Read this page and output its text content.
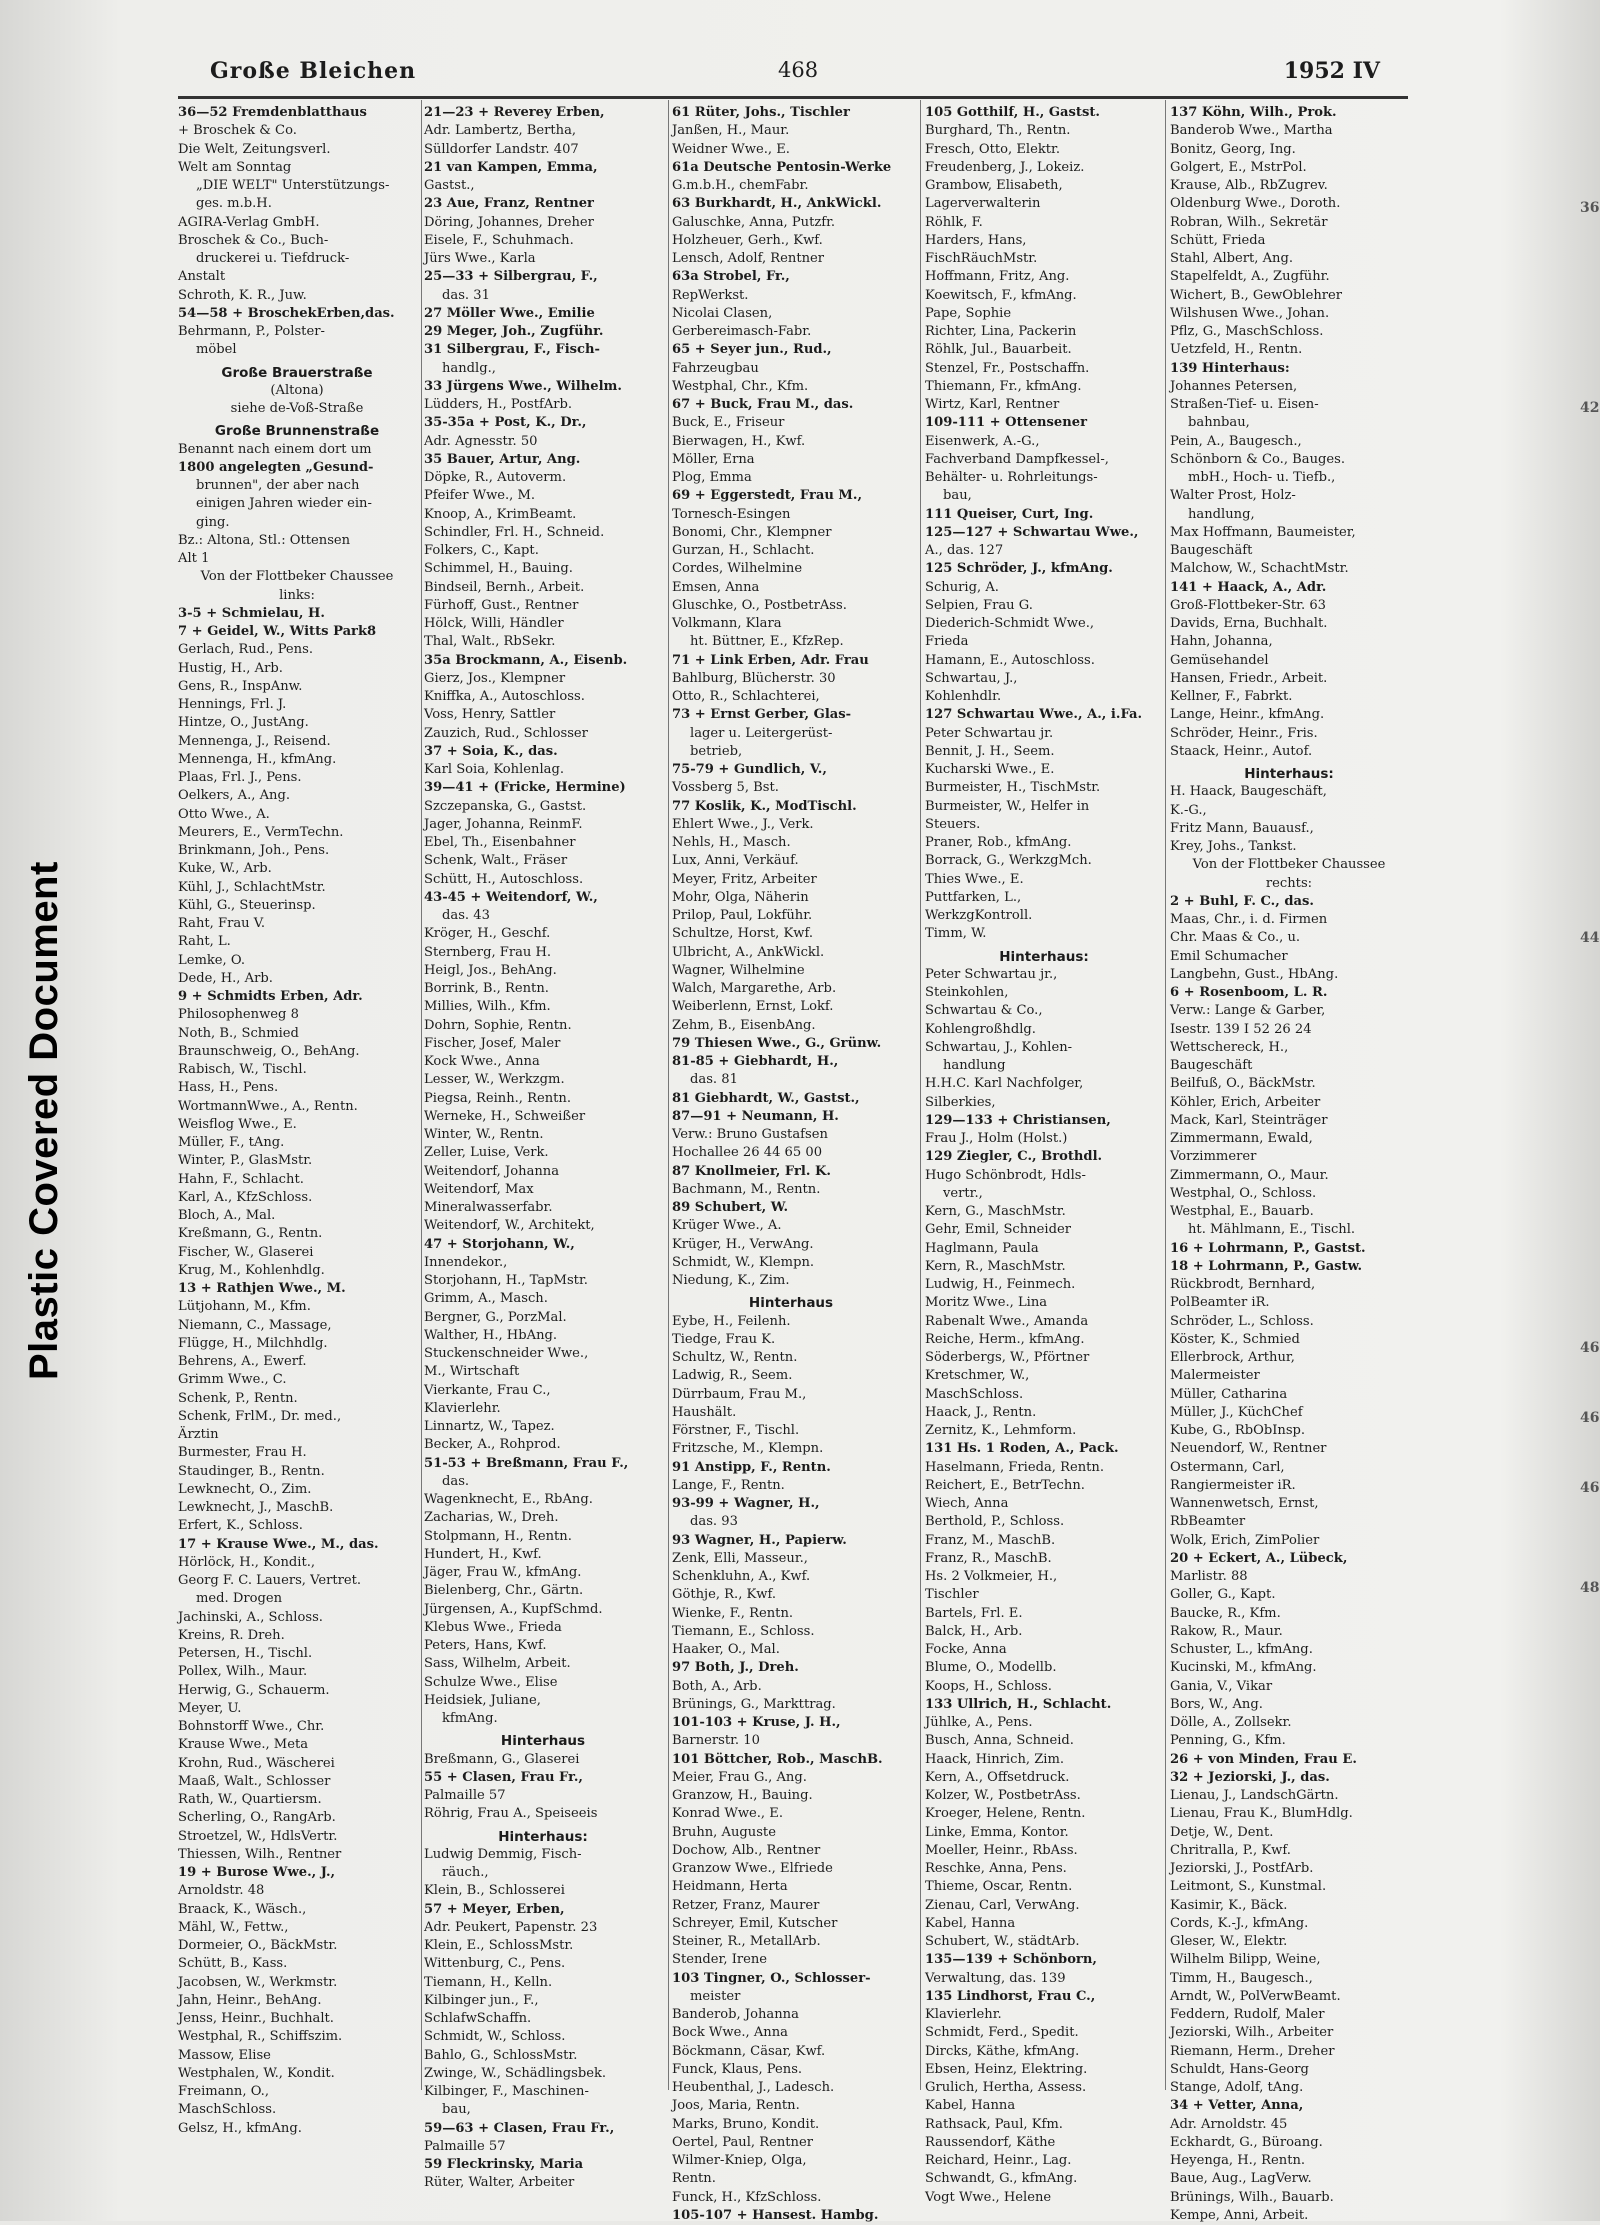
Plastic Covered Document
Große Bleichen	468	1952 IV
36—52 Fremdenblatthaus
+ Broschek & Co.
Die Welt, Zeitungsverl.
Welt am Sonntag
„DIE WELT" Unterstützungs-
ges. m.b.H.
AGIRA-Verlag GmbH.
Broschek & Co., Buch-
druckerei u. Tiefdruck-
Anstalt
Schroth, K. R., Juw.
54—58 + BroschekErben,das.
Behrmann, P., Polster-
möbel
Große Brauerstraße
(Altona)
siehe de-Voß-Straße
Große Brunnenstraße
Benannt nach einem dort um
1800 angelegten „Gesund-
brunnen", der aber nach
einigen Jahren wieder ein-
ging.
Bz.: Altona, Stl.: Ottensen
Alt 1
Von der Flottbeker Chaussee
links:
3-5 + Schmielau, H.
7 + Geidel, W., Witts Park8
Gerlach, Rud., Pens.
Hustig, H., Arb.
Gens, R., InspAnw.
Hennings, Frl. J.
Hintze, O., JustAng.
Mennenga, J., Reisend.
Mennenga, H., kfmAng.
Plaas, Frl. J., Pens.
Oelkers, A., Ang.
Otto Wwe., A.
Meurers, E., VermTechn.
Brinkmann, Joh., Pens.
Kuke, W., Arb.
Kühl, J., SchlachtMstr.
Kühl, G., Steuerinsp.
Raht, Frau V.
Raht, L.
Lemke, O.
Dede, H., Arb.
9 + Schmidts Erben, Adr.
Philosophenweg 8
Noth, B., Schmied
Braunschweig, O., BehAng.
Rabisch, W., Tischl.
Hass, H., Pens.
WortmannWwe., A., Rentn.
Weisflog Wwe., E.
Müller, F., tAng.
Winter, P., GlasMstr.
Hahn, F., Schlacht.
Karl, A., KfzSchloss.
Bloch, A., Mal.
Kreßmann, G., Rentn.
Fischer, W., Glaserei
Krug, M., Kohlenhdlg.
13 + Rathjen Wwe., M.
Lütjohann, M., Kfm.
Niemann, C., Massage,
Flügge, H., Milchhdlg.
Behrens, A., Ewerf.
Grimm Wwe., C.
Schenk, P., Rentn.
Schenk, FrlM., Dr. med.,
Ärztin
Burmester, Frau H.
Staudinger, B., Rentn.
Lewknecht, O., Zim.
Lewknecht, J., MaschB.
Erfert, K., Schloss.
17 + Krause Wwe., M., das.
Hörlöck, H., Kondit.,
Georg F. C. Lauers, Vertret.
med. Drogen
Jachinski, A., Schloss.
Kreins, R. Dreh.
Petersen, H., Tischl.
Pollex, Wilh., Maur.
Herwig, G., Schauerm.
Meyer, U.
Bohnstorff Wwe., Chr.
Krause Wwe., Meta
Krohn, Rud., Wäscherei
Maaß, Walt., Schlosser
Rath, W., Quartiersm.
Scherling, O., RangArb.
Stroetzel, W., HdlsVertr.
Thiessen, Wilh., Rentner
19 + Burose Wwe., J.,
Arnoldstr. 48
Braack, K., Wäsch.,
Mähl, W., Fettw.,
Dormeier, O., BäckMstr.
Schütt, B., Kass.
Jacobsen, W., Werkmstr.
Jahn, Heinr., BehAng.
Jenss, Heinr., Buchhalt.
Westphal, R., Schiffszim.
Massow, Elise
Westphalen, W., Kondit.
Freimann, O.,
MaschSchloss.
Gelsz, H., kfmAng.
21—23 + Reverey Erben,
Adr. Lambertz, Bertha,
Sülldorfer Landstr. 407
21 van Kampen, Emma,
Gastst.,
23 Aue, Franz, Rentner
Döring, Johannes, Dreher
Eisele, F., Schuhmach.
Jürs Wwe., Karla
25—33 + Silbergrau, F.,
das. 31
27 Möller Wwe., Emilie
29 Meger, Joh., Zugführ.
31 Silbergrau, F., Fisch-
handlg.,
33 Jürgens Wwe., Wilhelm.
Lüdders, H., PostfArb.
35-35a + Post, K., Dr.,
Adr. Agnesstr. 50
35 Bauer, Artur, Ang.
Döpke, R., Autoverm.
Pfeifer Wwe., M.
Knoop, A., KrimBeamt.
Schindler, Frl. H., Schneid.
Folkers, C., Kapt.
Schimmel, H., Bauing.
Bindseil, Bernh., Arbeit.
Fürhoff, Gust., Rentner
Hölck, Willi, Händler
Thal, Walt., RbSekr.
35a Brockmann, A., Eisenb.
Gierz, Jos., Klempner
Kniffka, A., Autoschloss.
Voss, Henry, Sattler
Zauzich, Rud., Schlosser
37 + Soia, K., das.
Karl Soia, Kohlenlag.
39—41 + (Fricke, Hermine)
Szczepanska, G., Gastst.
Jager, Johanna, ReinmF.
Ebel, Th., Eisenbahner
Schenk, Walt., Fräser
Schütt, H., Autoschloss.
43-45 + Weitendorf, W.,
das. 43
Kröger, H., Geschf.
Sternberg, Frau H.
Heigl, Jos., BehAng.
Borrink, B., Rentn.
Millies, Wilh., Kfm.
Dohrn, Sophie, Rentn.
Fischer, Josef, Maler
Kock Wwe., Anna
Lesser, W., Werkzgm.
Piegsa, Reinh., Rentn.
Werneke, H., Schweißer
Winter, W., Rentn.
Zeller, Luise, Verk.
Weitendorf, Johanna
Weitendorf, Max
Mineralwasserfabr.
Weitendorf, W., Architekt,
47 + Storjohann, W.,
Innendekor.,
Storjohann, H., TapMstr.
Grimm, A., Masch.
Bergner, G., PorzMal.
Walther, H., HbAng.
Stuckenschneider Wwe.,
M., Wirtschaft
Vierkante, Frau C.,
Klavierlehr.
Linnartz, W., Tapez.
Becker, A., Rohprod.
51-53 + Breßmann, Frau F.,
das.
Wagenknecht, E., RbAng.
Zacharias, W., Dreh.
Stolpmann, H., Rentn.
Hundert, H., Kwf.
Jäger, Frau W., kfmAng.
Bielenberg, Chr., Gärtn.
Jürgensen, A., KupfSchmd.
Klebus Wwe., Frieda
Peters, Hans, Kwf.
Sass, Wilhelm, Arbeit.
Schulze Wwe., Elise
Heidsiek, Juliane,
kfmAng.
Hinterhaus
Breßmann, G., Glaserei
55 + Clasen, Frau Fr.,
Palmaille 57
Röhrig, Frau A., Speiseeis
Hinterhaus:
Ludwig Demmig, Fisch-
räuch.,
Klein, B., Schlosserei
57 + Meyer, Erben,
Adr. Peukert, Papenstr. 23
Klein, E., SchlossMstr.
Wittenburg, C., Pens.
Tiemann, H., Kelln.
Kilbinger jun., F.,
SchlafwSchaffn.
Schmidt, W., Schloss.
Bahlo, G., SchlossMstr.
Zwinge, W., Schädlingsbek.
Kilbinger, F., Maschinen-
bau,
59—63 + Clasen, Frau Fr.,
Palmaille 57
59 Fleckrinsky, Maria
Rüter, Walter, Arbeiter
61 Rüter, Johs., Tischler
Janßen, H., Maur.
Weidner Wwe., E.
61a Deutsche Pentosin-Werke
G.m.b.H., chemFabr.
63 Burkhardt, H., AnkWickl.
Galuschke, Anna, Putzfr.
Holzheuer, Gerh., Kwf.
Lensch, Adolf, Rentner
63a Strobel, Fr.,
RepWerkst.
Nicolai Clasen,
Gerbereimasch-Fabr.
65 + Seyer jun., Rud.,
Fahrzeugbau
Westphal, Chr., Kfm.
67 + Buck, Frau M., das.
Buck, E., Friseur
Bierwagen, H., Kwf.
Möller, Erna
Plog, Emma
69 + Eggerstedt, Frau M.,
Tornesch-Esingen
Bonomi, Chr., Klempner
Gurzan, H., Schlacht.
Cordes, Wilhelmine
Emsen, Anna
Gluschke, O., PostbetrAss.
Volkmann, Klara
ht. Büttner, E., KfzRep.
71 + Link Erben, Adr. Frau
Bahlburg, Blücherstr. 30
Otto, R., Schlachterei,
73 + Ernst Gerber, Glas-
lager u. Leitergerüst-
betrieb,
75-79 + Gundlich, V.,
Vossberg 5, Bst.
77 Koslik, K., ModTischl.
Ehlert Wwe., J., Verk.
Nehls, H., Masch.
Lux, Anni, Verkäuf.
Meyer, Fritz, Arbeiter
Mohr, Olga, Näherin
Prilop, Paul, Lokführ.
Schultze, Horst, Kwf.
Ulbricht, A., AnkWickl.
Wagner, Wilhelmine
Walch, Margarethe, Arb.
Weiberlenn, Ernst, Lokf.
Zehm, B., EisenbAng.
79 Thiesen Wwe., G., Grünw.
81-85 + Giebhardt, H.,
das. 81
81 Giebhardt, W., Gastst.,
87—91 + Neumann, H.
Verw.: Bruno Gustafsen
Hochallee 26 44 65 00
87 Knollmeier, Frl. K.
Bachmann, M., Rentn.
89 Schubert, W.
Krüger Wwe., A.
Krüger, H., VerwAng.
Schmidt, W., Klempn.
Niedung, K., Zim.
Hinterhaus
Eybe, H., Feilenh.
Tiedge, Frau K.
Schultz, W., Rentn.
Ladwig, R., Seem.
Dürrbaum, Frau M.,
Haushält.
Förstner, F., Tischl.
Fritzsche, M., Klempn.
91 Anstipp, F., Rentn.
Lange, F., Rentn.
93-99 + Wagner, H.,
das. 93
93 Wagner, H., Papierw.
Zenk, Elli, Masseur.,
Schenkluhn, A., Kwf.
Göthje, R., Kwf.
Wienke, F., Rentn.
Tiemann, E., Schloss.
Haaker, O., Mal.
97 Both, J., Dreh.
Both, A., Arb.
Brünings, G., Markttrag.
101-103 + Kruse, J. H.,
Barnerstr. 10
101 Böttcher, Rob., MaschB.
Meier, Frau G., Ang.
Granzow, H., Bauing.
Konrad Wwe., E.
Bruhn, Auguste
Dochow, Alb., Rentner
Granzow Wwe., Elfriede
Heidmann, Herta
Retzer, Franz, Maurer
Schreyer, Emil, Kutscher
Steiner, R., MetallArb.
Stender, Irene
103 Tingner, O., Schlosser-
meister
Banderob, Johanna
Bock Wwe., Anna
Böckmann, Cäsar, Kwf.
Funck, Klaus, Pens.
Heubenthal, J., Ladesch.
Joos, Maria, Rentn.
Marks, Bruno, Kondit.
Oertel, Paul, Rentner
Wilmer-Kniep, Olga,
Rentn.
Funck, H., KfzSchloss.
105-107 + Hansest. Hambg.
105 Gotthilf, H., Gastst.
Burghard, Th., Rentn.
Fresch, Otto, Elektr.
Freudenberg, J., Lokeiz.
Grambow, Elisabeth,
Lagerverwalterin
Röhlk, F.
Harders, Hans,
FischRäuchMstr.
Hoffmann, Fritz, Ang.
Koewitsch, F., kfmAng.
Pape, Sophie
Richter, Lina, Packerin
Röhlk, Jul., Bauarbeit.
Stenzel, Fr., Postschaffn.
Thiemann, Fr., kfmAng.
Wirtz, Karl, Rentner
109-111 + Ottensener
Eisenwerk, A.-G.,
Fachverband Dampfkessel-,
Behälter- u. Rohrleitungs-
bau,
111 Queiser, Curt, Ing.
125—127 + Schwartau Wwe.,
A., das. 127
125 Schröder, J., kfmAng.
Schurig, A.
Selpien, Frau G.
Diederich-Schmidt Wwe.,
Frieda
Hamann, E., Autoschloss.
Schwartau, J.,
Kohlenhdlr.
127 Schwartau Wwe., A., i.Fa.
Peter Schwartau jr.
Bennit, J. H., Seem.
Kucharski Wwe., E.
Burmeister, H., TischMstr.
Burmeister, W., Helfer in
Steuers.
Praner, Rob., kfmAng.
Borrack, G., WerkzgMch.
Thies Wwe., E.
Puttfarken, L.,
WerkzgKontroll.
Timm, W.
Hinterhaus:
Peter Schwartau jr.,
Steinkohlen,
Schwartau & Co.,
Kohlengroßhdlg.
Schwartau, J., Kohlen-
handlung
H.H.C. Karl Nachfolger,
Silberkies,
129—133 + Christiansen,
Frau J., Holm (Holst.)
129 Ziegler, C., Brothdl.
Hugo Schönbrodt, Hdls-
vertr.,
Kern, G., MaschMstr.
Gehr, Emil, Schneider
Haglmann, Paula
Kern, R., MaschMstr.
Ludwig, H., Feinmech.
Moritz Wwe., Lina
Rabenalt Wwe., Amanda
Reiche, Herm., kfmAng.
Söderbergs, W., Pförtner
Kretschmer, W.,
MaschSchloss.
Haack, J., Rentn.
Zernitz, K., Lehmform.
131 Hs. 1 Roden, A., Pack.
Haselmann, Frieda, Rentn.
Reichert, E., BetrTechn.
Wiech, Anna
Berthold, P., Schloss.
Franz, M., MaschB.
Franz, R., MaschB.
Hs. 2 Volkmeier, H.,
Tischler
Bartels, Frl. E.
Balck, H., Arb.
Focke, Anna
Blume, O., Modellb.
Koops, H., Schloss.
133 Ullrich, H., Schlacht.
Jühlke, A., Pens.
Busch, Anna, Schneid.
Haack, Hinrich, Zim.
Kern, A., Offsetdruck.
Kolzer, W., PostbetrAss.
Kroeger, Helene, Rentn.
Linke, Emma, Kontor.
Moeller, Heinr., RbAss.
Reschke, Anna, Pens.
Thieme, Oscar, Rentn.
Zienau, Carl, VerwAng.
Kabel, Hanna
Schubert, W., städtArb.
135—139 + Schönborn,
Verwaltung, das. 139
135 Lindhorst, Frau C.,
Klavierlehr.
Schmidt, Ferd., Spedit.
Dircks, Käthe, kfmAng.
Ebsen, Heinz, Elektring.
Grulich, Hertha, Assess.
Kabel, Hanna
Rathsack, Paul, Kfm.
Raussendorf, Käthe
Reichard, Heinr., Lag.
Schwandt, G., kfmAng.
Vogt Wwe., Helene
137 Köhn, Wilh., Prok.
Banderob Wwe., Martha
Bonitz, Georg, Ing.
Golgert, E., MstrPol.
Krause, Alb., RbZugrev.
Oldenburg Wwe., Doroth.
Robran, Wilh., Sekretär
Schütt, Frieda
Stahl, Albert, Ang.
Stapelfeldt, A., Zugführ.
Wichert, B., GewOblehrer
Wilshusen Wwe., Johan.
Pflz, G., MaschSchloss.
Uetzfeld, H., Rentn.
139 Hinterhaus:
Johannes Petersen,
Straßen-Tief- u. Eisen-
bahnbau,
Pein, A., Baugesch.,
Schönborn & Co., Bauges.
mbH., Hoch- u. Tiefb.,
Walter Prost, Holz-
handlung,
Max Hoffmann, Baumeister,
Baugeschäft
Malchow, W., SchachtMstr.
141 + Haack, A., Adr.
Groß-Flottbeker-Str. 63
Davids, Erna, Buchhalt.
Hahn, Johanna,
Gemüsehandel
Hansen, Friedr., Arbeit.
Kellner, F., Fabrkt.
Lange, Heinr., kfmAng.
Schröder, Heinr., Fris.
Staack, Heinr., Autof.
Hinterhaus:
H. Haack, Baugeschäft,
K.-G.,
Fritz Mann, Bauausf.,
Krey, Johs., Tankst.
Von der Flottbeker Chaussee
rechts:
2 + Buhl, F. C., das.
Maas, Chr., i. d. Firmen
Chr. Maas & Co., u.
Emil Schumacher
Langbehn, Gust., HbAng.
6 + Rosenboom, L. R.
Verw.: Lange & Garber,
Isestr. 139 I 52 26 24
Wettschereck, H.,
Baugeschäft
Beilfuß, O., BäckMstr.
Köhler, Erich, Arbeiter
Mack, Karl, Steinträger
Zimmermann, Ewald,
Vorzimmerer
Zimmermann, O., Maur.
Westphal, O., Schloss.
Westphal, E., Bauarb.
ht. Mählmann, E., Tischl.
16 + Lohrmann, P., Gastst.
18 + Lohrmann, P., Gastw.
Rückbrodt, Bernhard,
PolBeamter iR.
Schröder, L., Schloss.
Köster, K., Schmied
Ellerbrock, Arthur,
Malermeister
Müller, Catharina
Müller, J., KüchChef
Kube, G., RbObInsp.
Neuendorf, W., Rentner
Ostermann, Carl,
Rangiermeister iR.
Wannenwetsch, Ernst,
RbBeamter
Wolk, Erich, ZimPolier
20 + Eckert, A., Lübeck,
Marlistr. 88
Goller, G., Kapt.
Baucke, R., Kfm.
Rakow, R., Maur.
Schuster, L., kfmAng.
Kucinski, M., kfmAng.
Gania, V., Vikar
Bors, W., Ang.
Dölle, A., Zollsekr.
Penning, G., Kfm.
26 + von Minden, Frau E.
32 + Jeziorski, J., das.
Lienau, J., LandschGärtn.
Lienau, Frau K., BlumHdlg.
Detje, W., Dent.
Chritralla, P., Kwf.
Jeziorski, J., PostfArb.
Leitmont, S., Kunstmal.
Kasimir, K., Bäck.
Cords, K.-J., kfmAng.
Gleser, W., Elektr.
Wilhelm Bilipp, Weine,
Timm, H., Baugesch.,
Arndt, W., PolVerwBeamt.
Feddern, Rudolf, Maler
Jeziorski, Wilh., Arbeiter
Riemann, Herm., Dreher
Schuldt, Hans-Georg
Stange, Adolf, tAng.
34 + Vetter, Anna,
Adr. Arnoldstr. 45
Eckhardt, G., Büroang.
Heyenga, H., Rentn.
Baue, Aug., LagVerw.
Brünings, Wilh., Bauarb.
Kempe, Anni, Arbeit.
36
42
44
46
46
46
48
